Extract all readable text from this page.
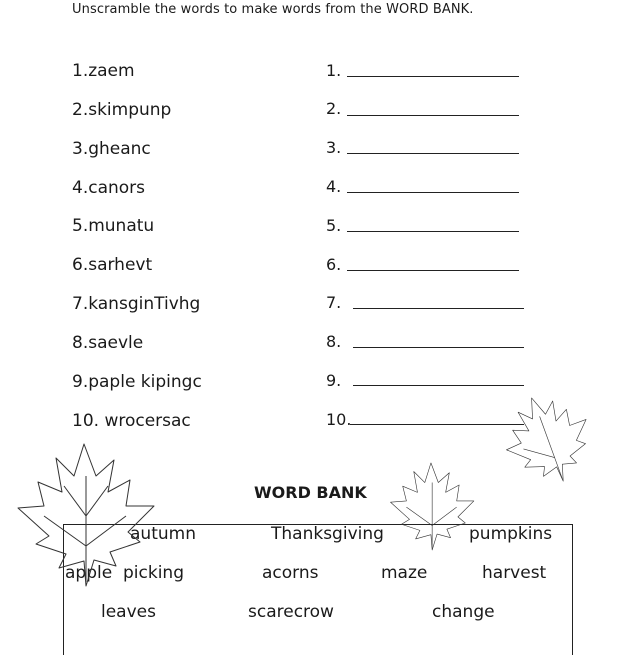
Unscramble the words to make words from the WORD BANK.
1.zaem
2.skimpunp
3.gheanc
4.canors
5.munatu
6.sarhevt
7.kansginTivhg
8.saevle
9.paple kipingc
10. wrocersac
1.
2.
3.
4.
5.
6.
7.
8.
9.
10.
WORD BANK
autumn	Thanksgiving	pumpkins
apple  picking	acorns	maze	harvest
leaves	scarecrow	change
